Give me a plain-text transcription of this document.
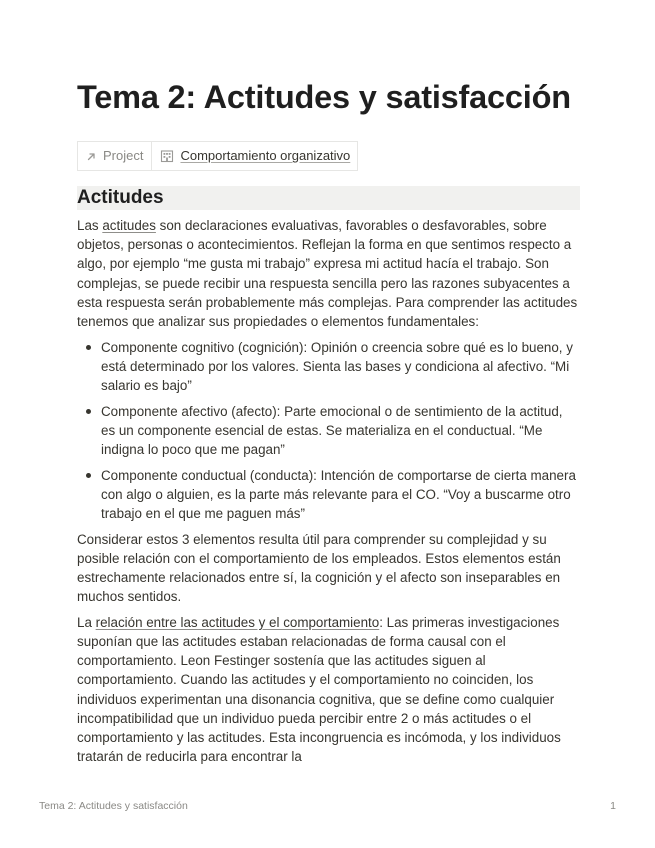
Tema 2: Actitudes y satisfacción
Project	Comportamiento organizativo
Actitudes

Las actitudes son declaraciones evaluativas, favorables o desfavorables, sobre objetos, personas o acontecimientos. Reflejan la forma en que sentimos respecto a algo, por ejemplo “me gusta mi trabajo” expresa mi actitud hacía el trabajo. Son complejas, se puede recibir una respuesta sencilla pero las razones subyacentes a esta respuesta serán probablemente más complejas. Para comprender las actitudes tenemos que analizar sus propiedades o elementos fundamentales:

Componente cognitivo (cognición): Opinión o creencia sobre qué es lo bueno, y está determinado por los valores. Sienta las bases y condiciona al afectivo. “Mi salario es bajo”
Componente afectivo (afecto): Parte emocional o de sentimiento de la actitud, es un componente esencial de estas. Se materializa en el conductual. “Me indigna lo poco que me pagan”
Componente conductual (conducta): Intención de comportarse de cierta manera con algo o alguien, es la parte más relevante para el CO. “Voy a buscarme otro trabajo en el que me paguen más”

Considerar estos 3 elementos resulta útil para comprender su complejidad y su posible relación con el comportamiento de los empleados. Estos elementos están estrechamente relacionados entre sí, la cognición y el afecto son inseparables en muchos sentidos.

La relación entre las actitudes y el comportamiento: Las primeras investigaciones suponían que las actitudes estaban relacionadas de forma causal con el comportamiento. Leon Festinger sostenía que las actitudes siguen al comportamiento. Cuando las actitudes y el comportamiento no coinciden, los individuos experimentan una disonancia cognitiva, que se define como cualquier incompatibilidad que un individuo pueda percibir entre 2 o más actitudes o el comportamiento y las actitudes. Esta incongruencia es incómoda, y los individuos tratarán de reducirla para encontrar la

Tema 2: Actitudes y satisfacción	1
